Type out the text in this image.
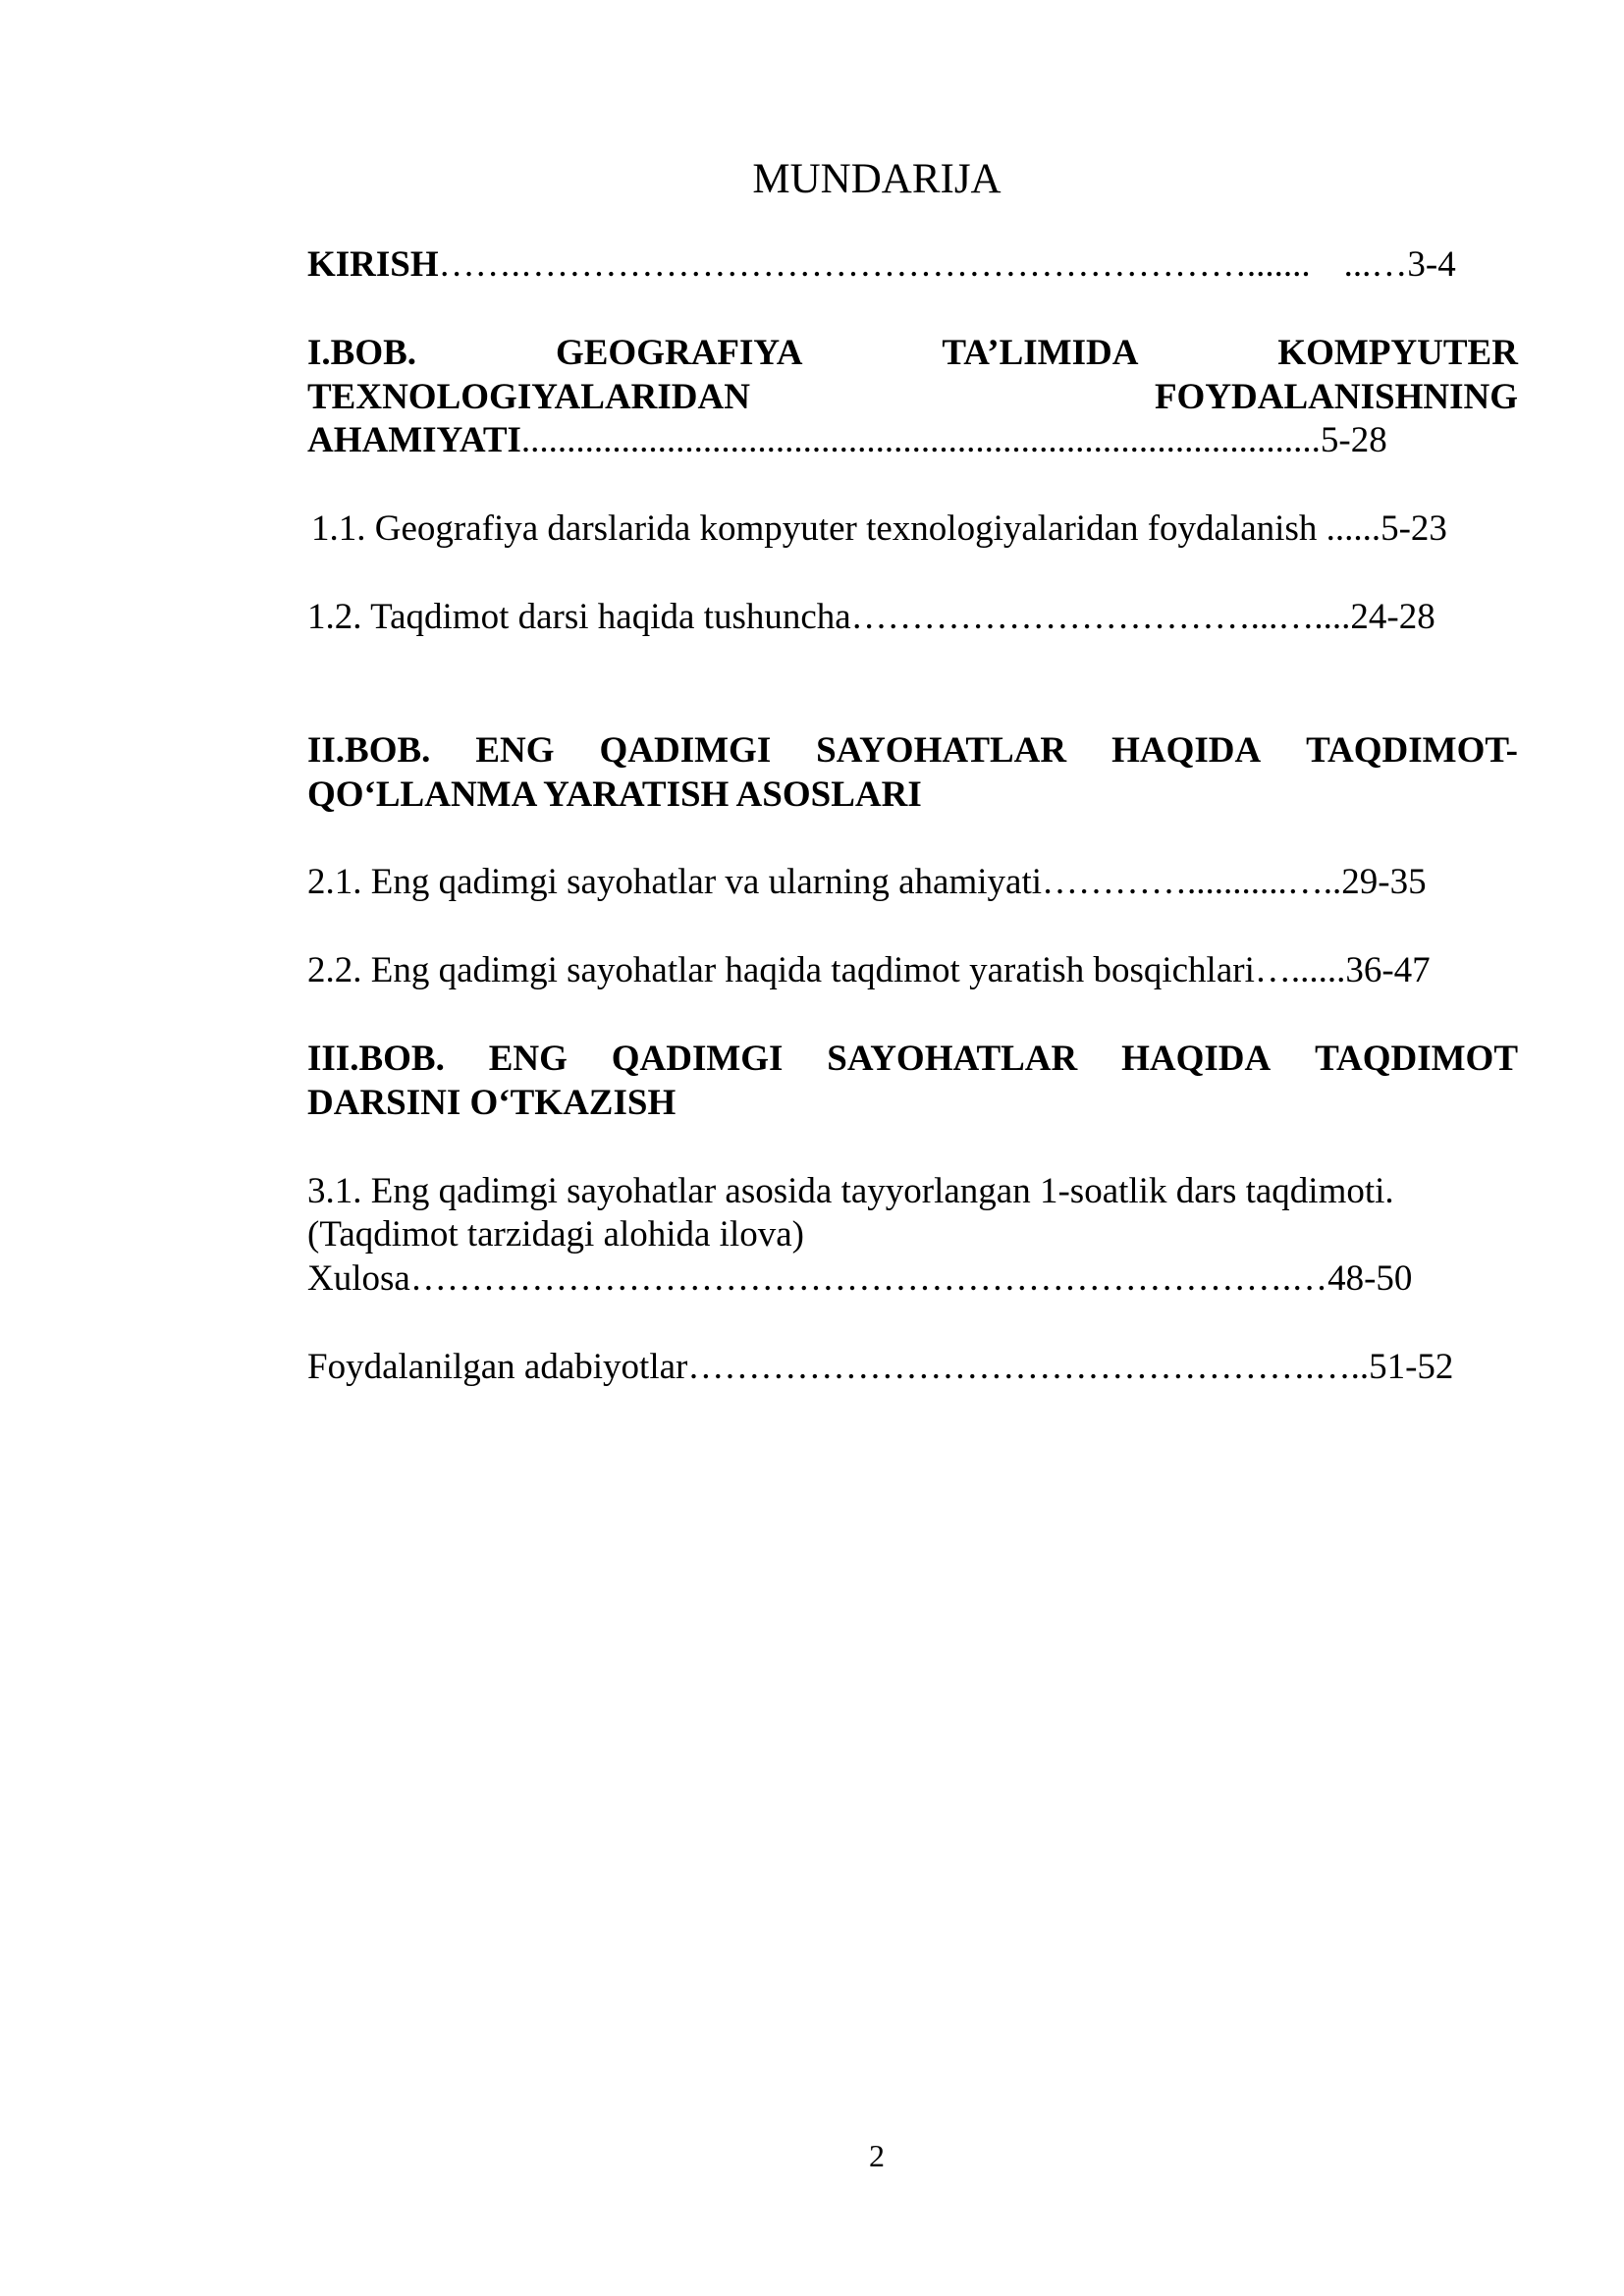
MUNDARIJA
KIRISH…….……………………………………………………....... ...…3-4
I.BOB.	GEOGRAFIYA	TA’LIMIDA	KOMPYUTER
TEXNOLOGIYALARIDAN	FOYDALANISHNING
AHAMIYATI........................................................................................5-28
1.1. Geografiya darslarida kompyuter texnologiyalaridan foydalanish ......5-23
1.2. Taqdimot darsi haqida tushuncha……………………………...…....24-28
II.BOB. ENG QADIMGI SAYOHATLAR HAQIDA TAQDIMOT-
QO‘LLANMA YARATISH ASOSLARI
2.1. Eng qadimgi sayohatlar va ularning ahamiyati…………...........…..29-35
2.2. Eng qadimgi sayohatlar haqida taqdimot yaratish bosqichlari…......36-47
III.BOB. ENG QADIMGI SAYOHATLAR HAQIDA TAQDIMOT
DARSINI O‘TKAZISH
3.1. Eng qadimgi sayohatlar asosida tayyorlangan 1-soatlik dars taqdimoti.
(Taqdimot tarzidagi alohida ilova)
Xulosa……………………………………………………………….…48-50
Foydalanilgan adabiyotlar…………………………………………….…..51-52
2
